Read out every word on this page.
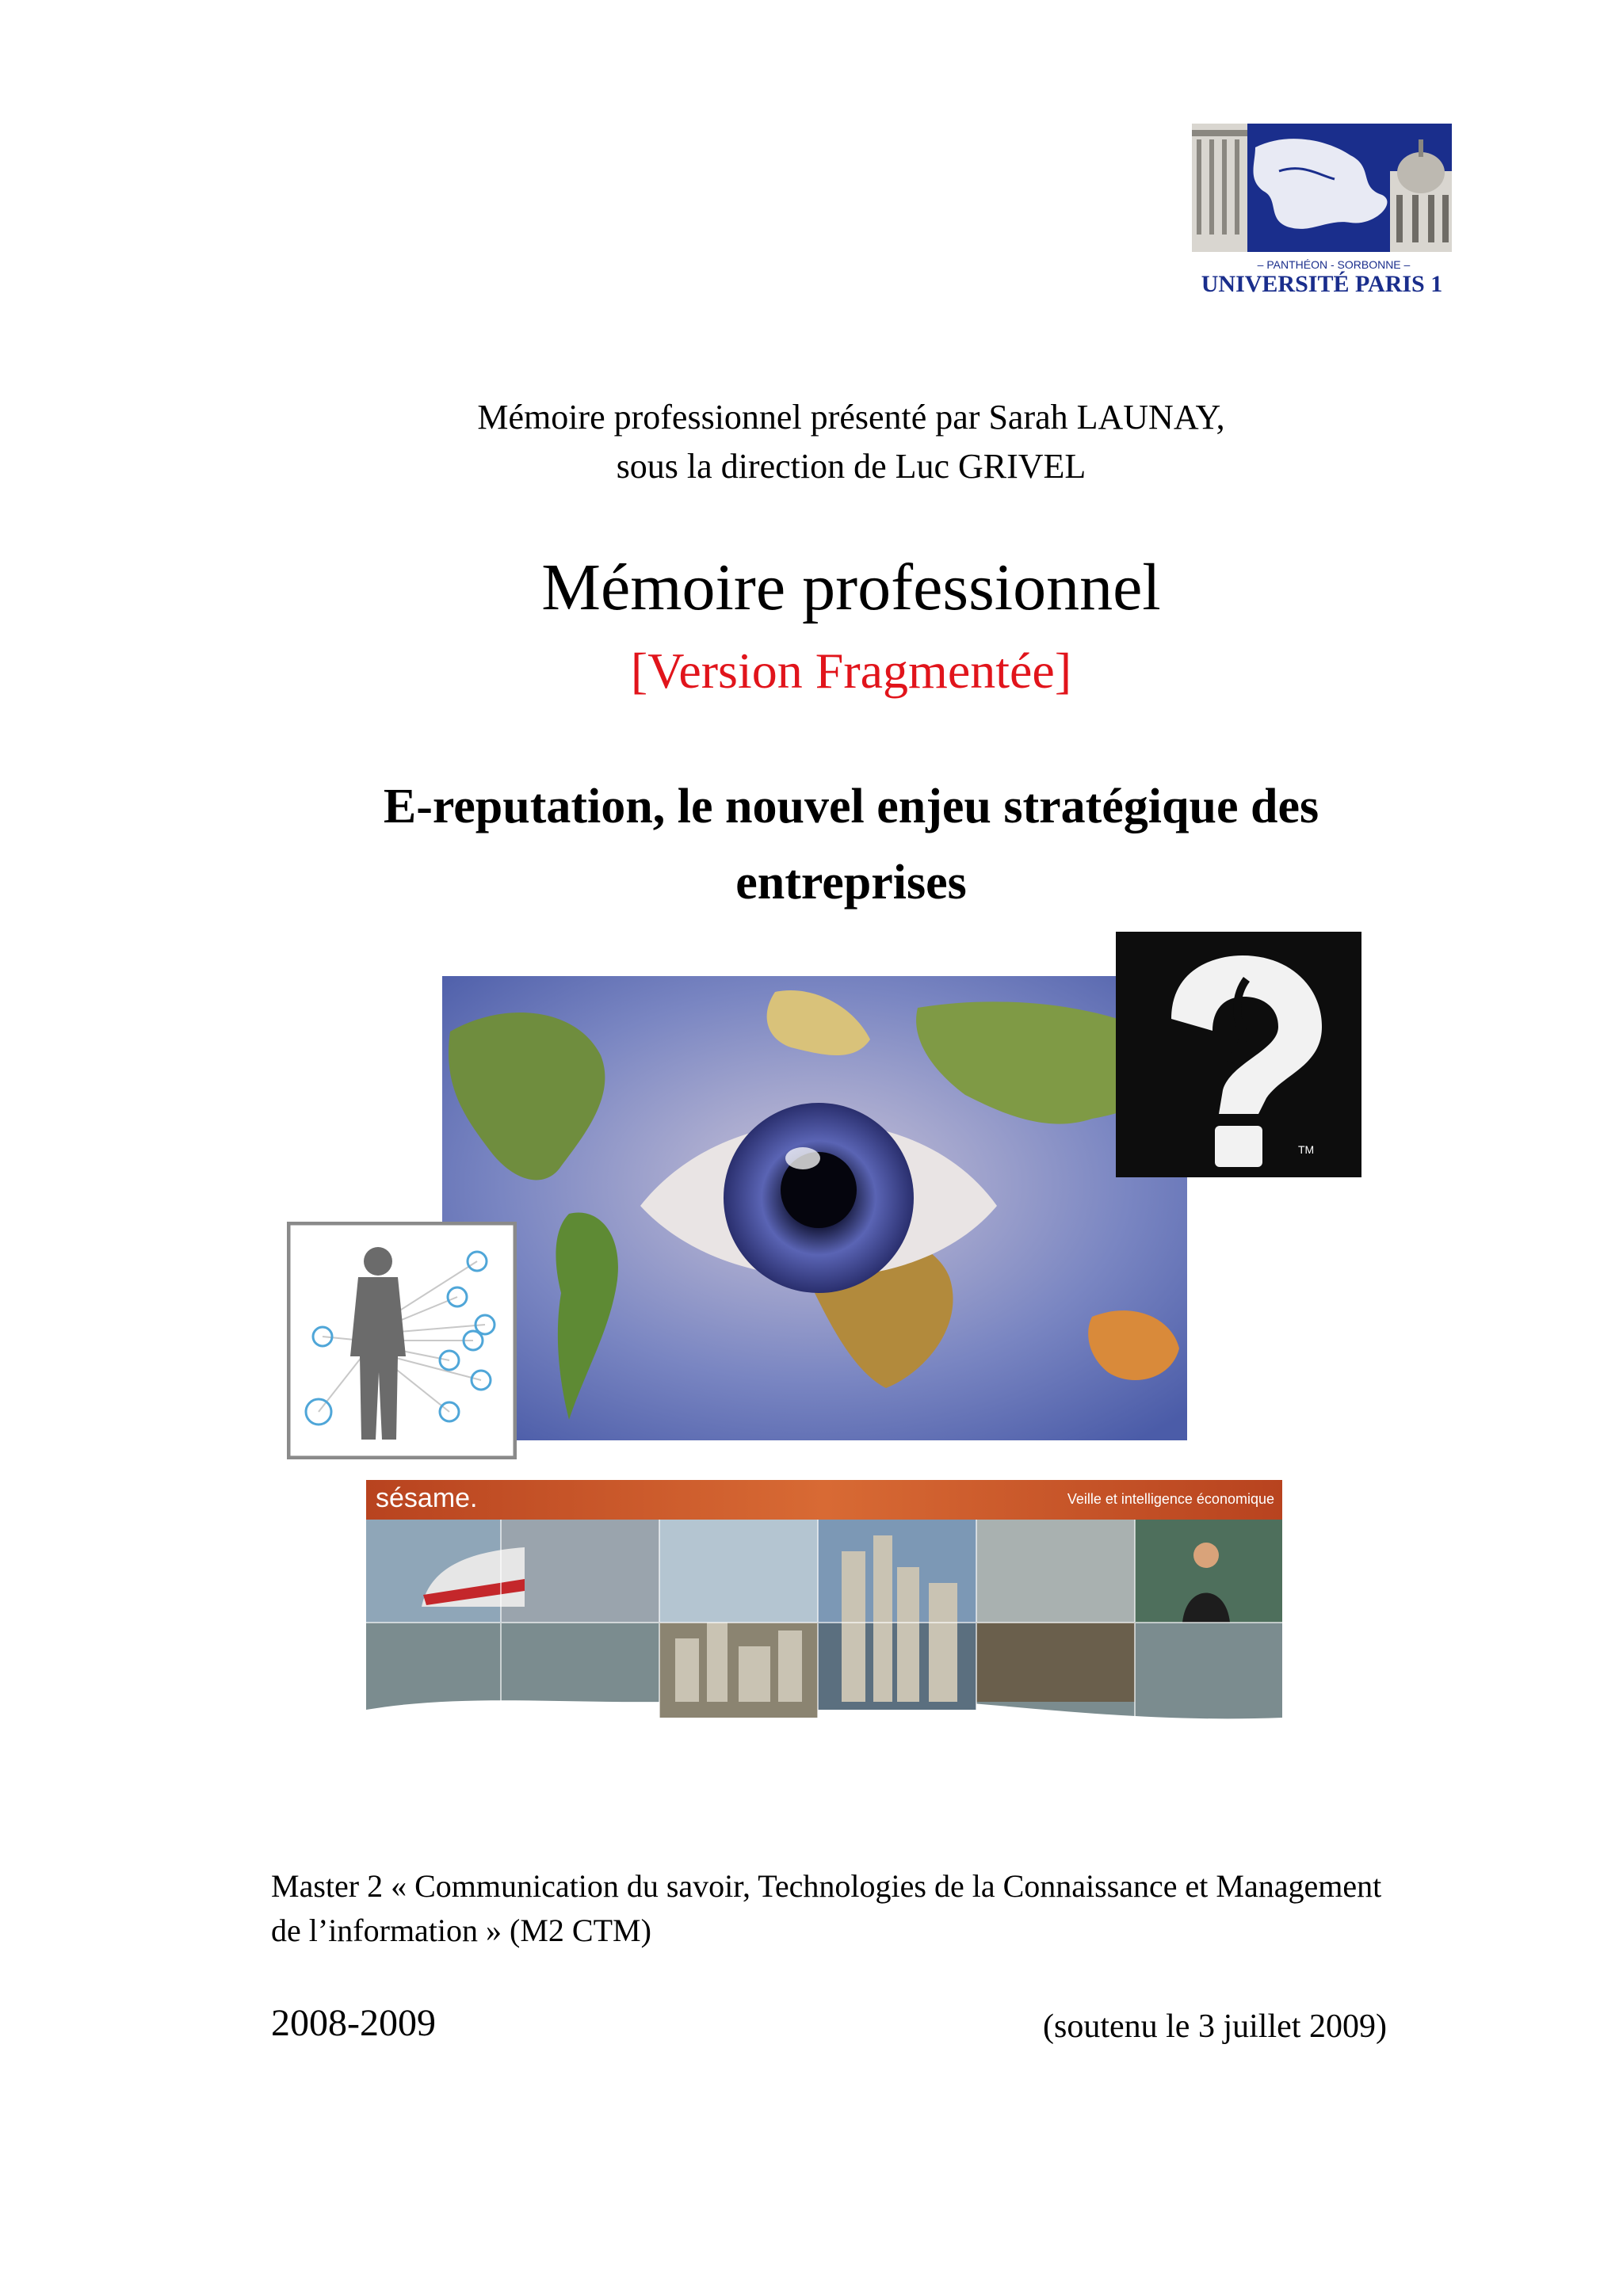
– PANTHÉON - SORBONNE –
UNIVERSITÉ PARIS 1
Mémoire professionnel présenté par Sarah LAUNAY,
sous la direction de Luc GRIVEL
Mémoire professionnel
[Version Fragmentée]
E-reputation, le nouvel enjeu stratégique des
entreprises
TM
sésame.	Veille et intelligence économique
Master 2 « Communication du savoir, Technologies de la Connaissance et Management
de l’information » (M2 CTM)
2008-2009	(soutenu le 3 juillet 2009)
